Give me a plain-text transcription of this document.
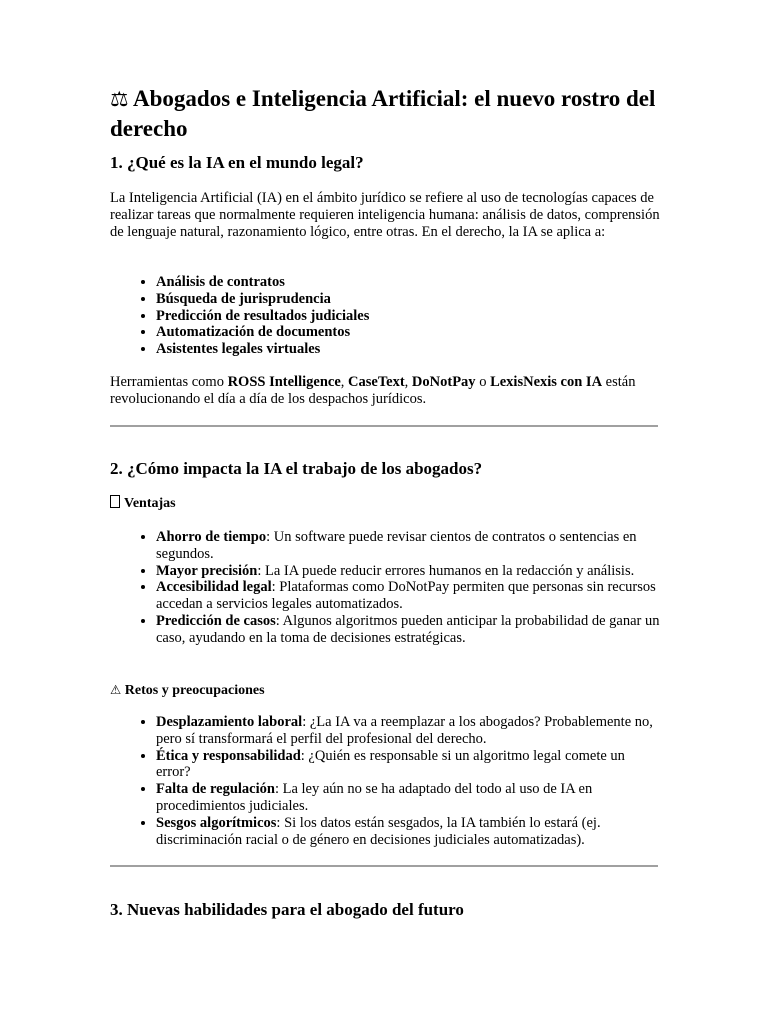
⚖ Abogados e Inteligencia Artificial: el nuevo rostro del derecho
1. ¿Qué es la IA en el mundo legal?

La Inteligencia Artificial (IA) en el ámbito jurídico se refiere al uso de tecnologías capaces de realizar tareas que normalmente requieren inteligencia humana: análisis de datos, comprensión de lenguaje natural, razonamiento lógico, entre otras. En el derecho, la IA se aplica a:

• Análisis de contratos
• Búsqueda de jurisprudencia
• Predicción de resultados judiciales
• Automatización de documentos
• Asistentes legales virtuales

Herramientas como ROSS Intelligence, CaseText, DoNotPay o LexisNexis con IA están revolucionando el día a día de los despachos jurídicos.

2. ¿Cómo impacta la IA el trabajo de los abogados?
Ventajas
• Ahorro de tiempo: Un software puede revisar cientos de contratos o sentencias en segundos.
• Mayor precisión: La IA puede reducir errores humanos en la redacción y análisis.
• Accesibilidad legal: Plataformas como DoNotPay permiten que personas sin recursos accedan a servicios legales automatizados.
• Predicción de casos: Algunos algoritmos pueden anticipar la probabilidad de ganar un caso, ayudando en la toma de decisiones estratégicas.
⚠ Retos y preocupaciones
• Desplazamiento laboral: ¿La IA va a reemplazar a los abogados? Probablemente no, pero sí transformará el perfil del profesional del derecho.
• Ética y responsabilidad: ¿Quién es responsable si un algoritmo legal comete un error?
• Falta de regulación: La ley aún no se ha adaptado del todo al uso de IA en procedimientos judiciales.
• Sesgos algorítmicos: Si los datos están sesgados, la IA también lo estará (ej. discriminación racial o de género en decisiones judiciales automatizadas).
3. Nuevas habilidades para el abogado del futuro
